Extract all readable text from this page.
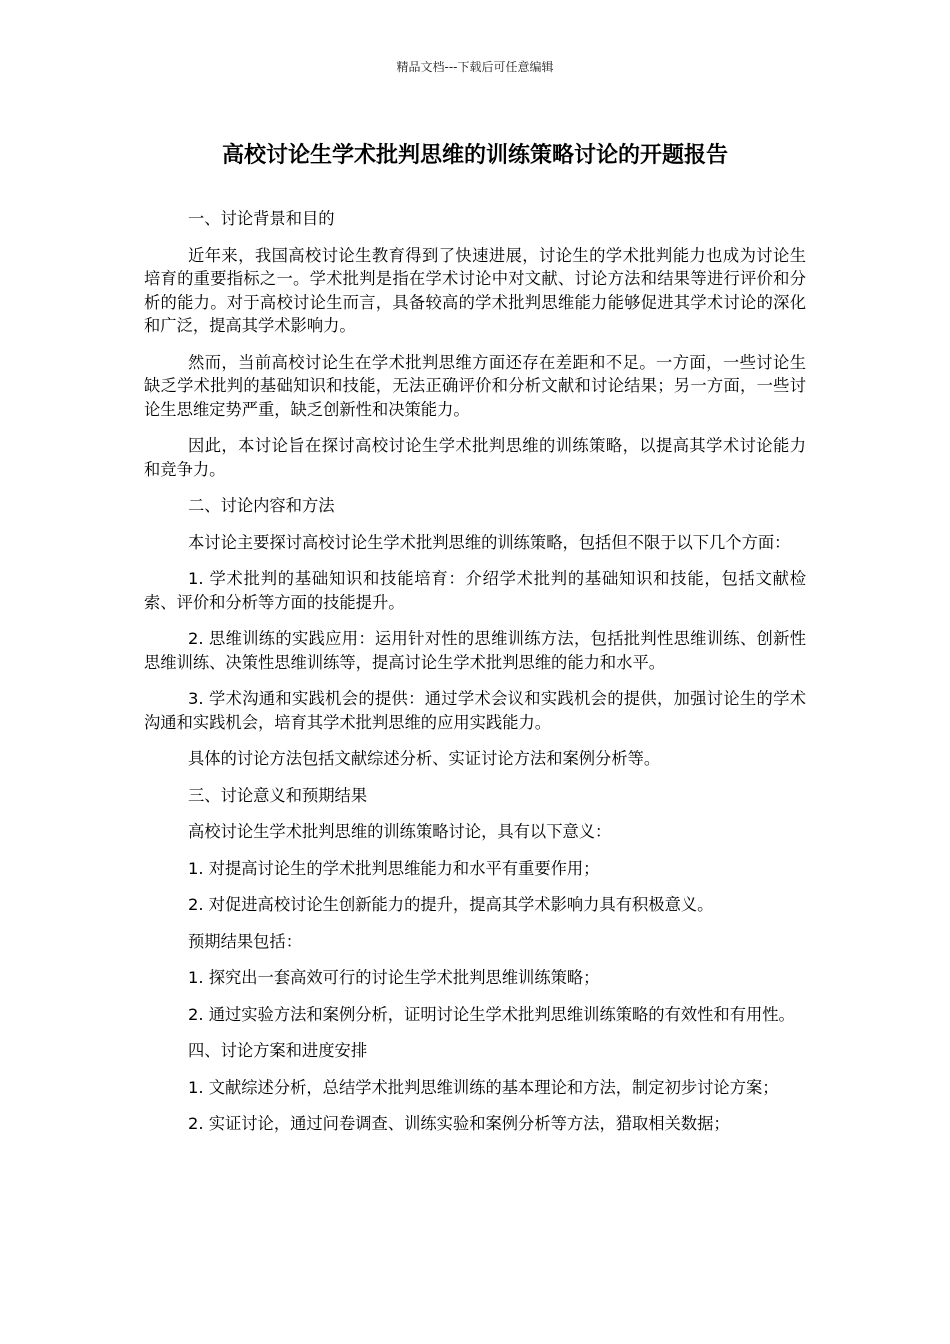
精品文档---下载后可任意编辑
高校讨论生学术批判思维的训练策略讨论的开题报告

一、讨论背景和目的

近年来，我国高校讨论生教育得到了快速进展，讨论生的学术批判能力也成为讨论生培育的重要指标之一。学术批判是指在学术讨论中对文献、讨论方法和结果等进行评价和分析的能力。对于高校讨论生而言，具备较高的学术批判思维能力能够促进其学术讨论的深化和广泛，提高其学术影响力。

然而，当前高校讨论生在学术批判思维方面还存在差距和不足。一方面，一些讨论生缺乏学术批判的基础知识和技能，无法正确评价和分析文献和讨论结果；另一方面，一些讨论生思维定势严重，缺乏创新性和决策能力。

因此，本讨论旨在探讨高校讨论生学术批判思维的训练策略，以提高其学术讨论能力和竞争力。

二、讨论内容和方法

本讨论主要探讨高校讨论生学术批判思维的训练策略，包括但不限于以下几个方面：

1. 学术批判的基础知识和技能培育：介绍学术批判的基础知识和技能，包括文献检索、评价和分析等方面的技能提升。

2. 思维训练的实践应用：运用针对性的思维训练方法，包括批判性思维训练、创新性思维训练、决策性思维训练等，提高讨论生学术批判思维的能力和水平。

3. 学术沟通和实践机会的提供：通过学术会议和实践机会的提供，加强讨论生的学术沟通和实践机会，培育其学术批判思维的应用实践能力。

具体的讨论方法包括文献综述分析、实证讨论方法和案例分析等。

三、讨论意义和预期结果

高校讨论生学术批判思维的训练策略讨论，具有以下意义：

1. 对提高讨论生的学术批判思维能力和水平有重要作用；

2. 对促进高校讨论生创新能力的提升，提高其学术影响力具有积极意义。

预期结果包括：

1. 探究出一套高效可行的讨论生学术批判思维训练策略；

2. 通过实验方法和案例分析，证明讨论生学术批判思维训练策略的有效性和有用性。

四、讨论方案和进度安排

1. 文献综述分析，总结学术批判思维训练的基本理论和方法，制定初步讨论方案；

2. 实证讨论，通过问卷调查、训练实验和案例分析等方法，猎取相关数据；
